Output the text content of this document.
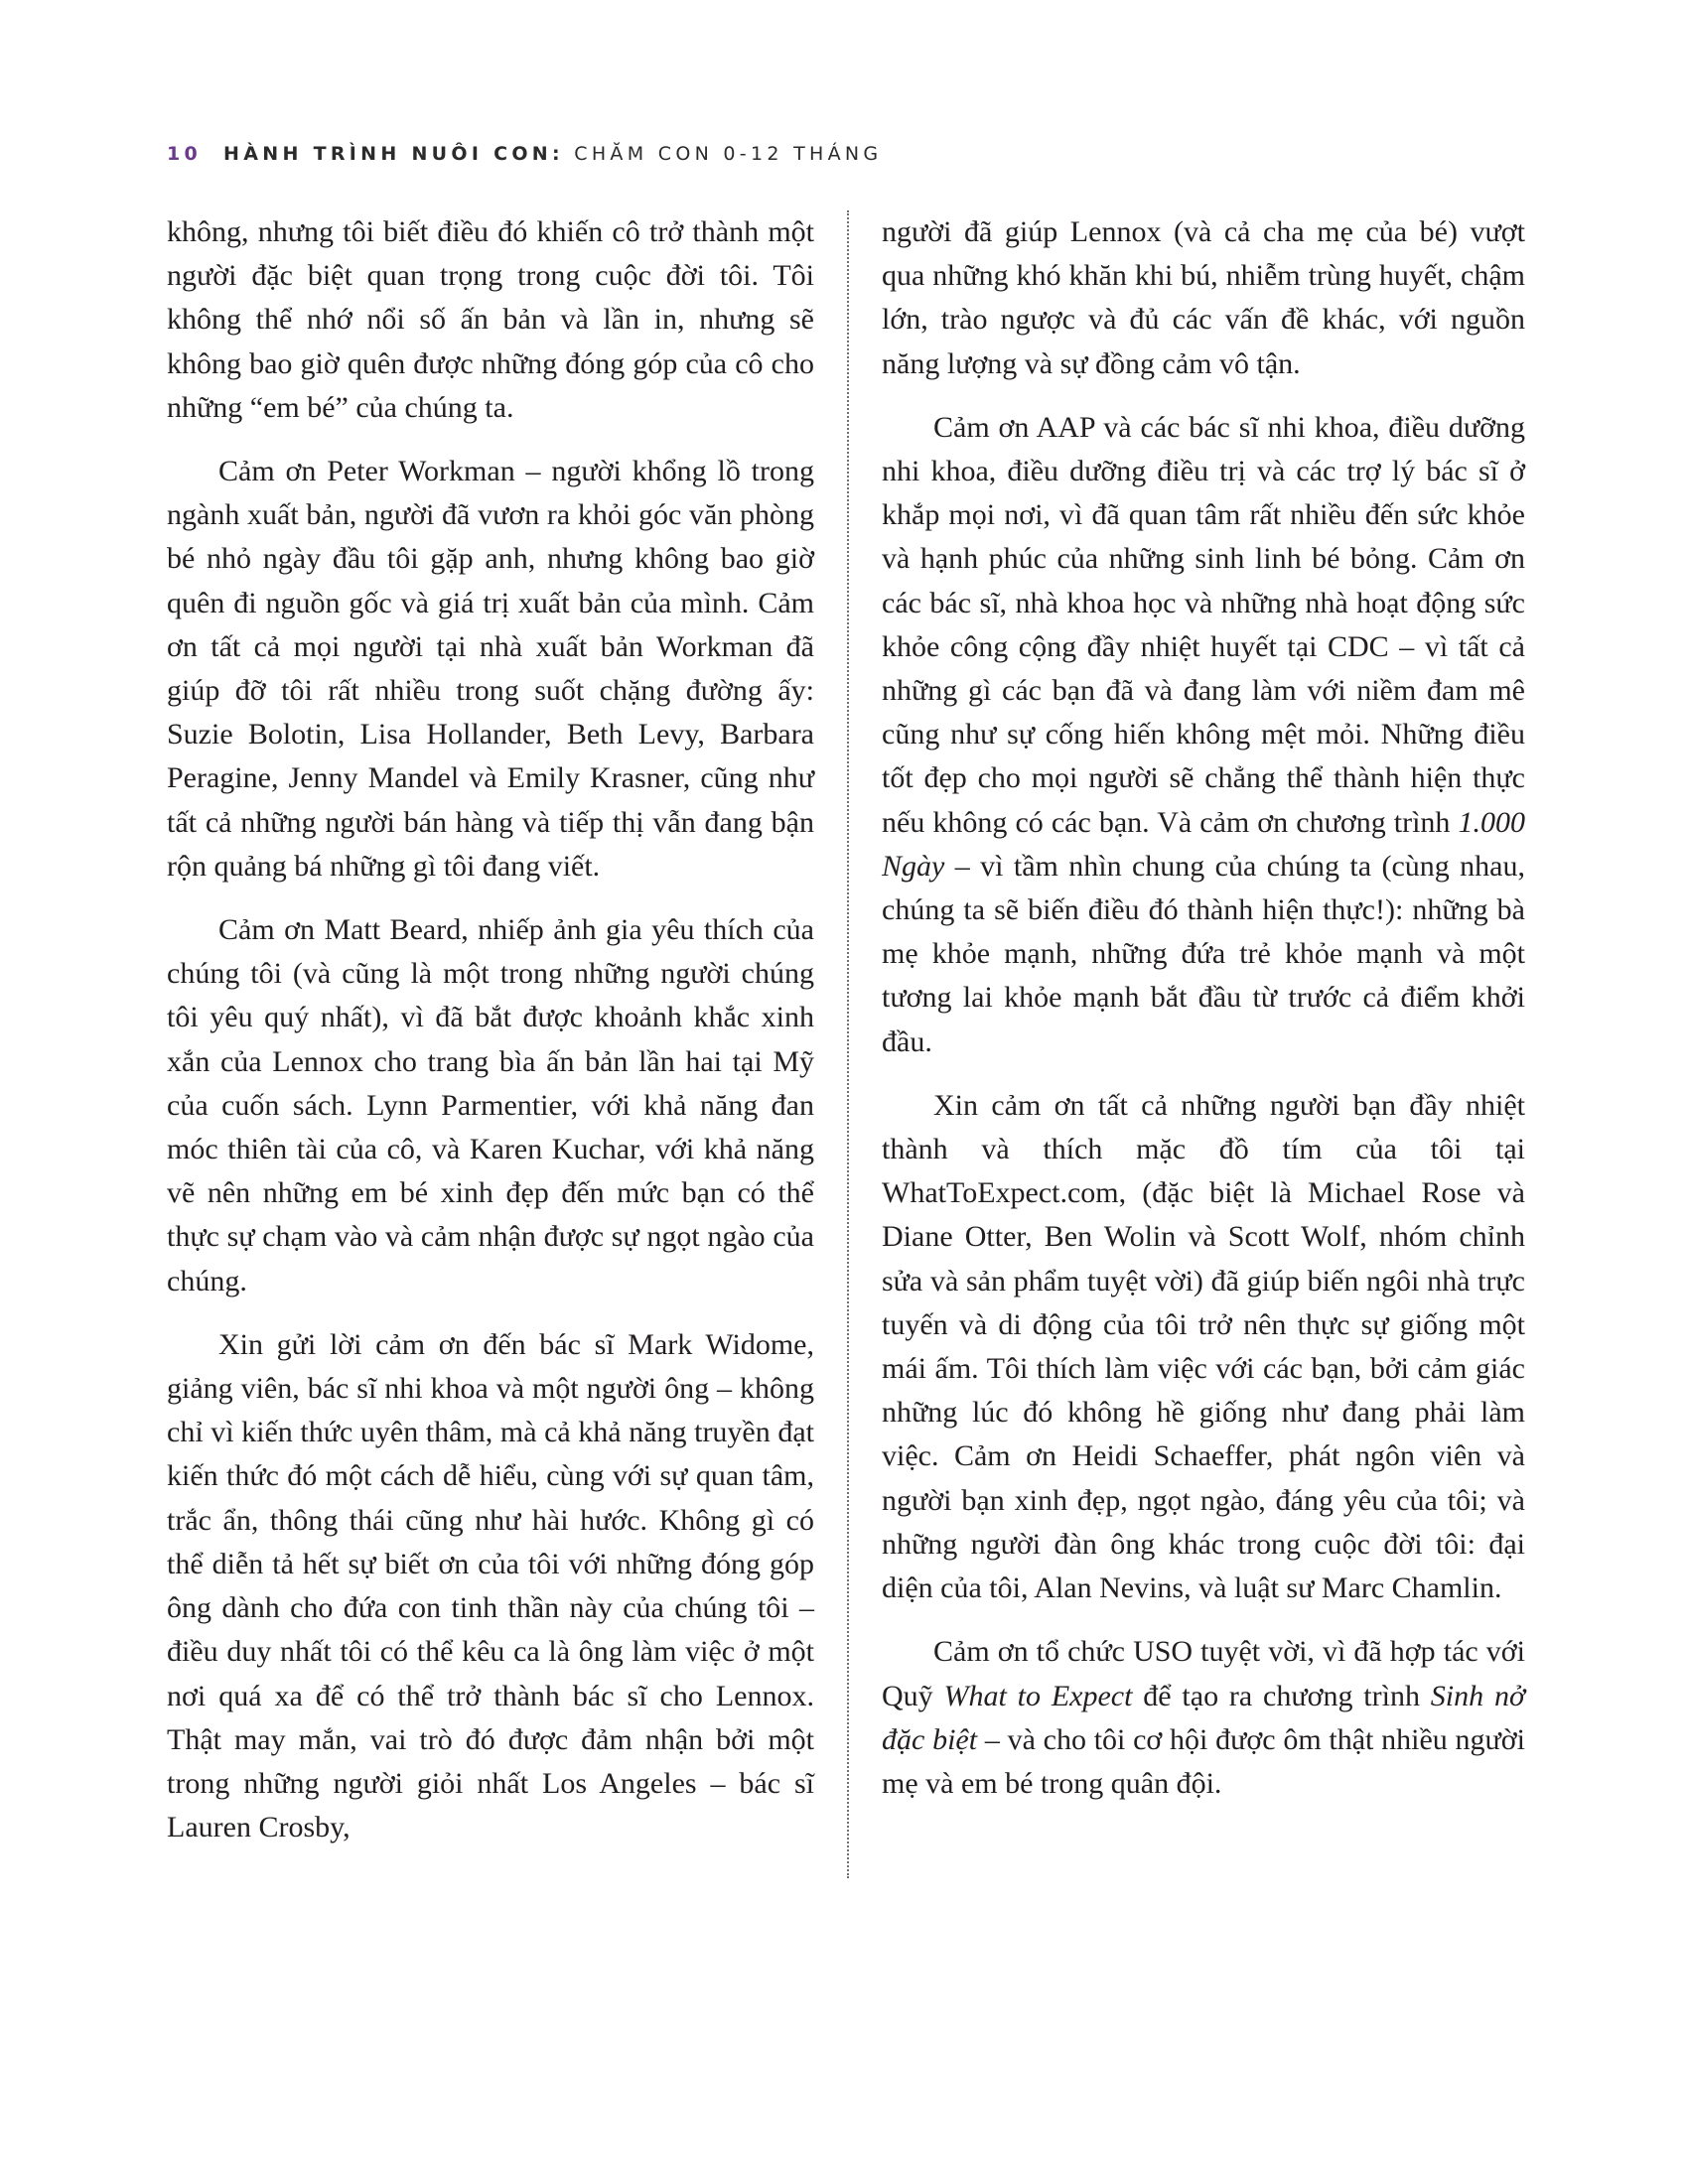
10 HÀNH TRÌNH NUÔI CON: CHĂM CON 0-12 THÁNG

không, nhưng tôi biết điều đó khiến cô trở thành một người đặc biệt quan trọng trong cuộc đời tôi. Tôi không thể nhớ nổi số ấn bản và lần in, nhưng sẽ không bao giờ quên được những đóng góp của cô cho những “em bé” của chúng ta.

Cảm ơn Peter Workman – người khổng lồ trong ngành xuất bản, người đã vươn ra khỏi góc văn phòng bé nhỏ ngày đầu tôi gặp anh, nhưng không bao giờ quên đi nguồn gốc và giá trị xuất bản của mình. Cảm ơn tất cả mọi người tại nhà xuất bản Workman đã giúp đỡ tôi rất nhiều trong suốt chặng đường ấy: Suzie Bolotin, Lisa Hollander, Beth Levy, Barbara Peragine, Jenny Mandel và Emily Krasner, cũng như tất cả những người bán hàng và tiếp thị vẫn đang bận rộn quảng bá những gì tôi đang viết.

Cảm ơn Matt Beard, nhiếp ảnh gia yêu thích của chúng tôi (và cũng là một trong những người chúng tôi yêu quý nhất), vì đã bắt được khoảnh khắc xinh xắn của Lennox cho trang bìa ấn bản lần hai tại Mỹ của cuốn sách. Lynn Parmentier, với khả năng đan móc thiên tài của cô, và Karen Kuchar, với khả năng vẽ nên những em bé xinh đẹp đến mức bạn có thể thực sự chạm vào và cảm nhận được sự ngọt ngào của chúng.

Xin gửi lời cảm ơn đến bác sĩ Mark Widome, giảng viên, bác sĩ nhi khoa và một người ông – không chỉ vì kiến thức uyên thâm, mà cả khả năng truyền đạt kiến thức đó một cách dễ hiểu, cùng với sự quan tâm, trắc ẩn, thông thái cũng như hài hước. Không gì có thể diễn tả hết sự biết ơn của tôi với những đóng góp ông dành cho đứa con tinh thần này của chúng tôi – điều duy nhất tôi có thể kêu ca là ông làm việc ở một nơi quá xa để có thể trở thành bác sĩ cho Lennox. Thật may mắn, vai trò đó được đảm nhận bởi một trong những người giỏi nhất Los Angeles – bác sĩ Lauren Crosby,

người đã giúp Lennox (và cả cha mẹ của bé) vượt qua những khó khăn khi bú, nhiễm trùng huyết, chậm lớn, trào ngược và đủ các vấn đề khác, với nguồn năng lượng và sự đồng cảm vô tận.

Cảm ơn AAP và các bác sĩ nhi khoa, điều dưỡng nhi khoa, điều dưỡng điều trị và các trợ lý bác sĩ ở khắp mọi nơi, vì đã quan tâm rất nhiều đến sức khỏe và hạnh phúc của những sinh linh bé bỏng. Cảm ơn các bác sĩ, nhà khoa học và những nhà hoạt động sức khỏe công cộng đầy nhiệt huyết tại CDC – vì tất cả những gì các bạn đã và đang làm với niềm đam mê cũng như sự cống hiến không mệt mỏi. Những điều tốt đẹp cho mọi người sẽ chẳng thể thành hiện thực nếu không có các bạn. Và cảm ơn chương trình 1.000 Ngày – vì tầm nhìn chung của chúng ta (cùng nhau, chúng ta sẽ biến điều đó thành hiện thực!): những bà mẹ khỏe mạnh, những đứa trẻ khỏe mạnh và một tương lai khỏe mạnh bắt đầu từ trước cả điểm khởi đầu.

Xin cảm ơn tất cả những người bạn đầy nhiệt thành và thích mặc đồ tím của tôi tại WhatToExpect.com, (đặc biệt là Michael Rose và Diane Otter, Ben Wolin và Scott Wolf, nhóm chỉnh sửa và sản phẩm tuyệt vời) đã giúp biến ngôi nhà trực tuyến và di động của tôi trở nên thực sự giống một mái ấm. Tôi thích làm việc với các bạn, bởi cảm giác những lúc đó không hề giống như đang phải làm việc. Cảm ơn Heidi Schaeffer, phát ngôn viên và người bạn xinh đẹp, ngọt ngào, đáng yêu của tôi; và những người đàn ông khác trong cuộc đời tôi: đại diện của tôi, Alan Nevins, và luật sư Marc Chamlin.

Cảm ơn tổ chức USO tuyệt vời, vì đã hợp tác với Quỹ What to Expect để tạo ra chương trình Sinh nở đặc biệt – và cho tôi cơ hội được ôm thật nhiều người mẹ và em bé trong quân đội.
